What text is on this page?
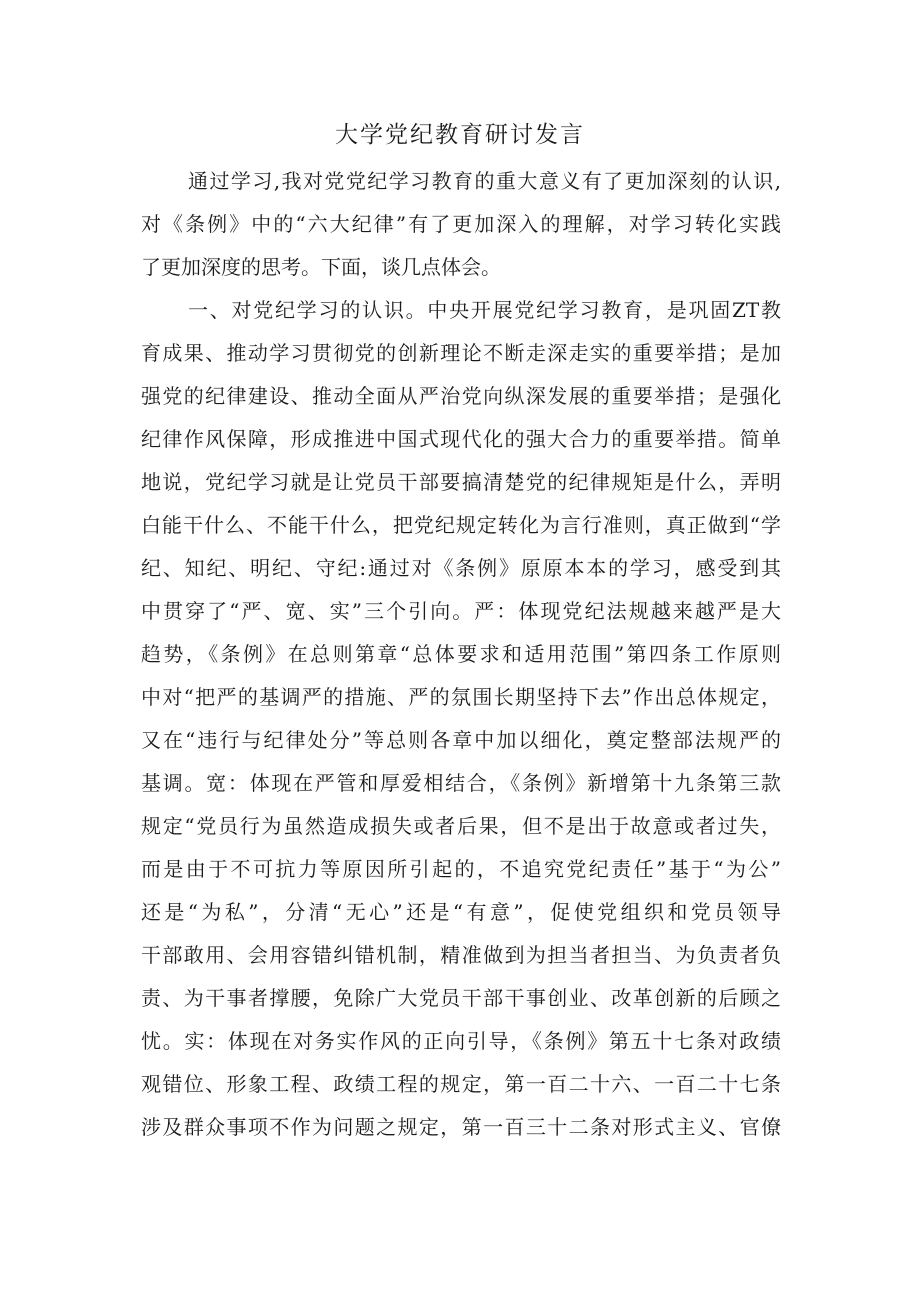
大学党纪教育研讨发言
通过学习,我对党党纪学习教育的重大意义有了更加深刻的认识,
对《条例》中的“六大纪律”有了更加深入的理解，对学习转化实践
了更加深度的思考。下面，谈几点体会。
一、对党纪学习的认识。中央开展党纪学习教育，是巩固ZT教
育成果、推动学习贯彻党的创新理论不断走深走实的重要举措；是加
强党的纪律建设、推动全面从严治党向纵深发展的重要举措；是强化
纪律作风保障，形成推进中国式现代化的强大合力的重要举措。简单
地说，党纪学习就是让党员干部要搞清楚党的纪律规矩是什么，弄明
白能干什么、不能干什么，把党纪规定转化为言行准则，真正做到“学
纪、知纪、明纪、守纪:通过对《条例》原原本本的学习，感受到其
中贯穿了“严、宽、实”三个引向。严：体现党纪法规越来越严是大
趋势，《条例》在总则第章“总体要求和适用范围”第四条工作原则
中对“把严的基调严的措施、严的氛围长期坚持下去”作出总体规定，
又在“违行与纪律处分”等总则各章中加以细化，奠定整部法规严的
基调。宽：体现在严管和厚爱相结合，《条例》新增第十九条第三款
规定“党员行为虽然造成损失或者后果，但不是出于故意或者过失，
而是由于不可抗力等原因所引起的，不追究党纪责任”基于“为公”
还是“为私”，分清“无心”还是“有意”，促使党组织和党员领导
干部敢用、会用容错纠错机制，精准做到为担当者担当、为负责者负
责、为干事者撑腰，免除广大党员干部干事创业、改革创新的后顾之
忧。实：体现在对务实作风的正向引导，《条例》第五十七条对政绩
观错位、形象工程、政绩工程的规定，第一百二十六、一百二十七条
涉及群众事项不作为问题之规定，第一百三十二条对形式主义、官僚
